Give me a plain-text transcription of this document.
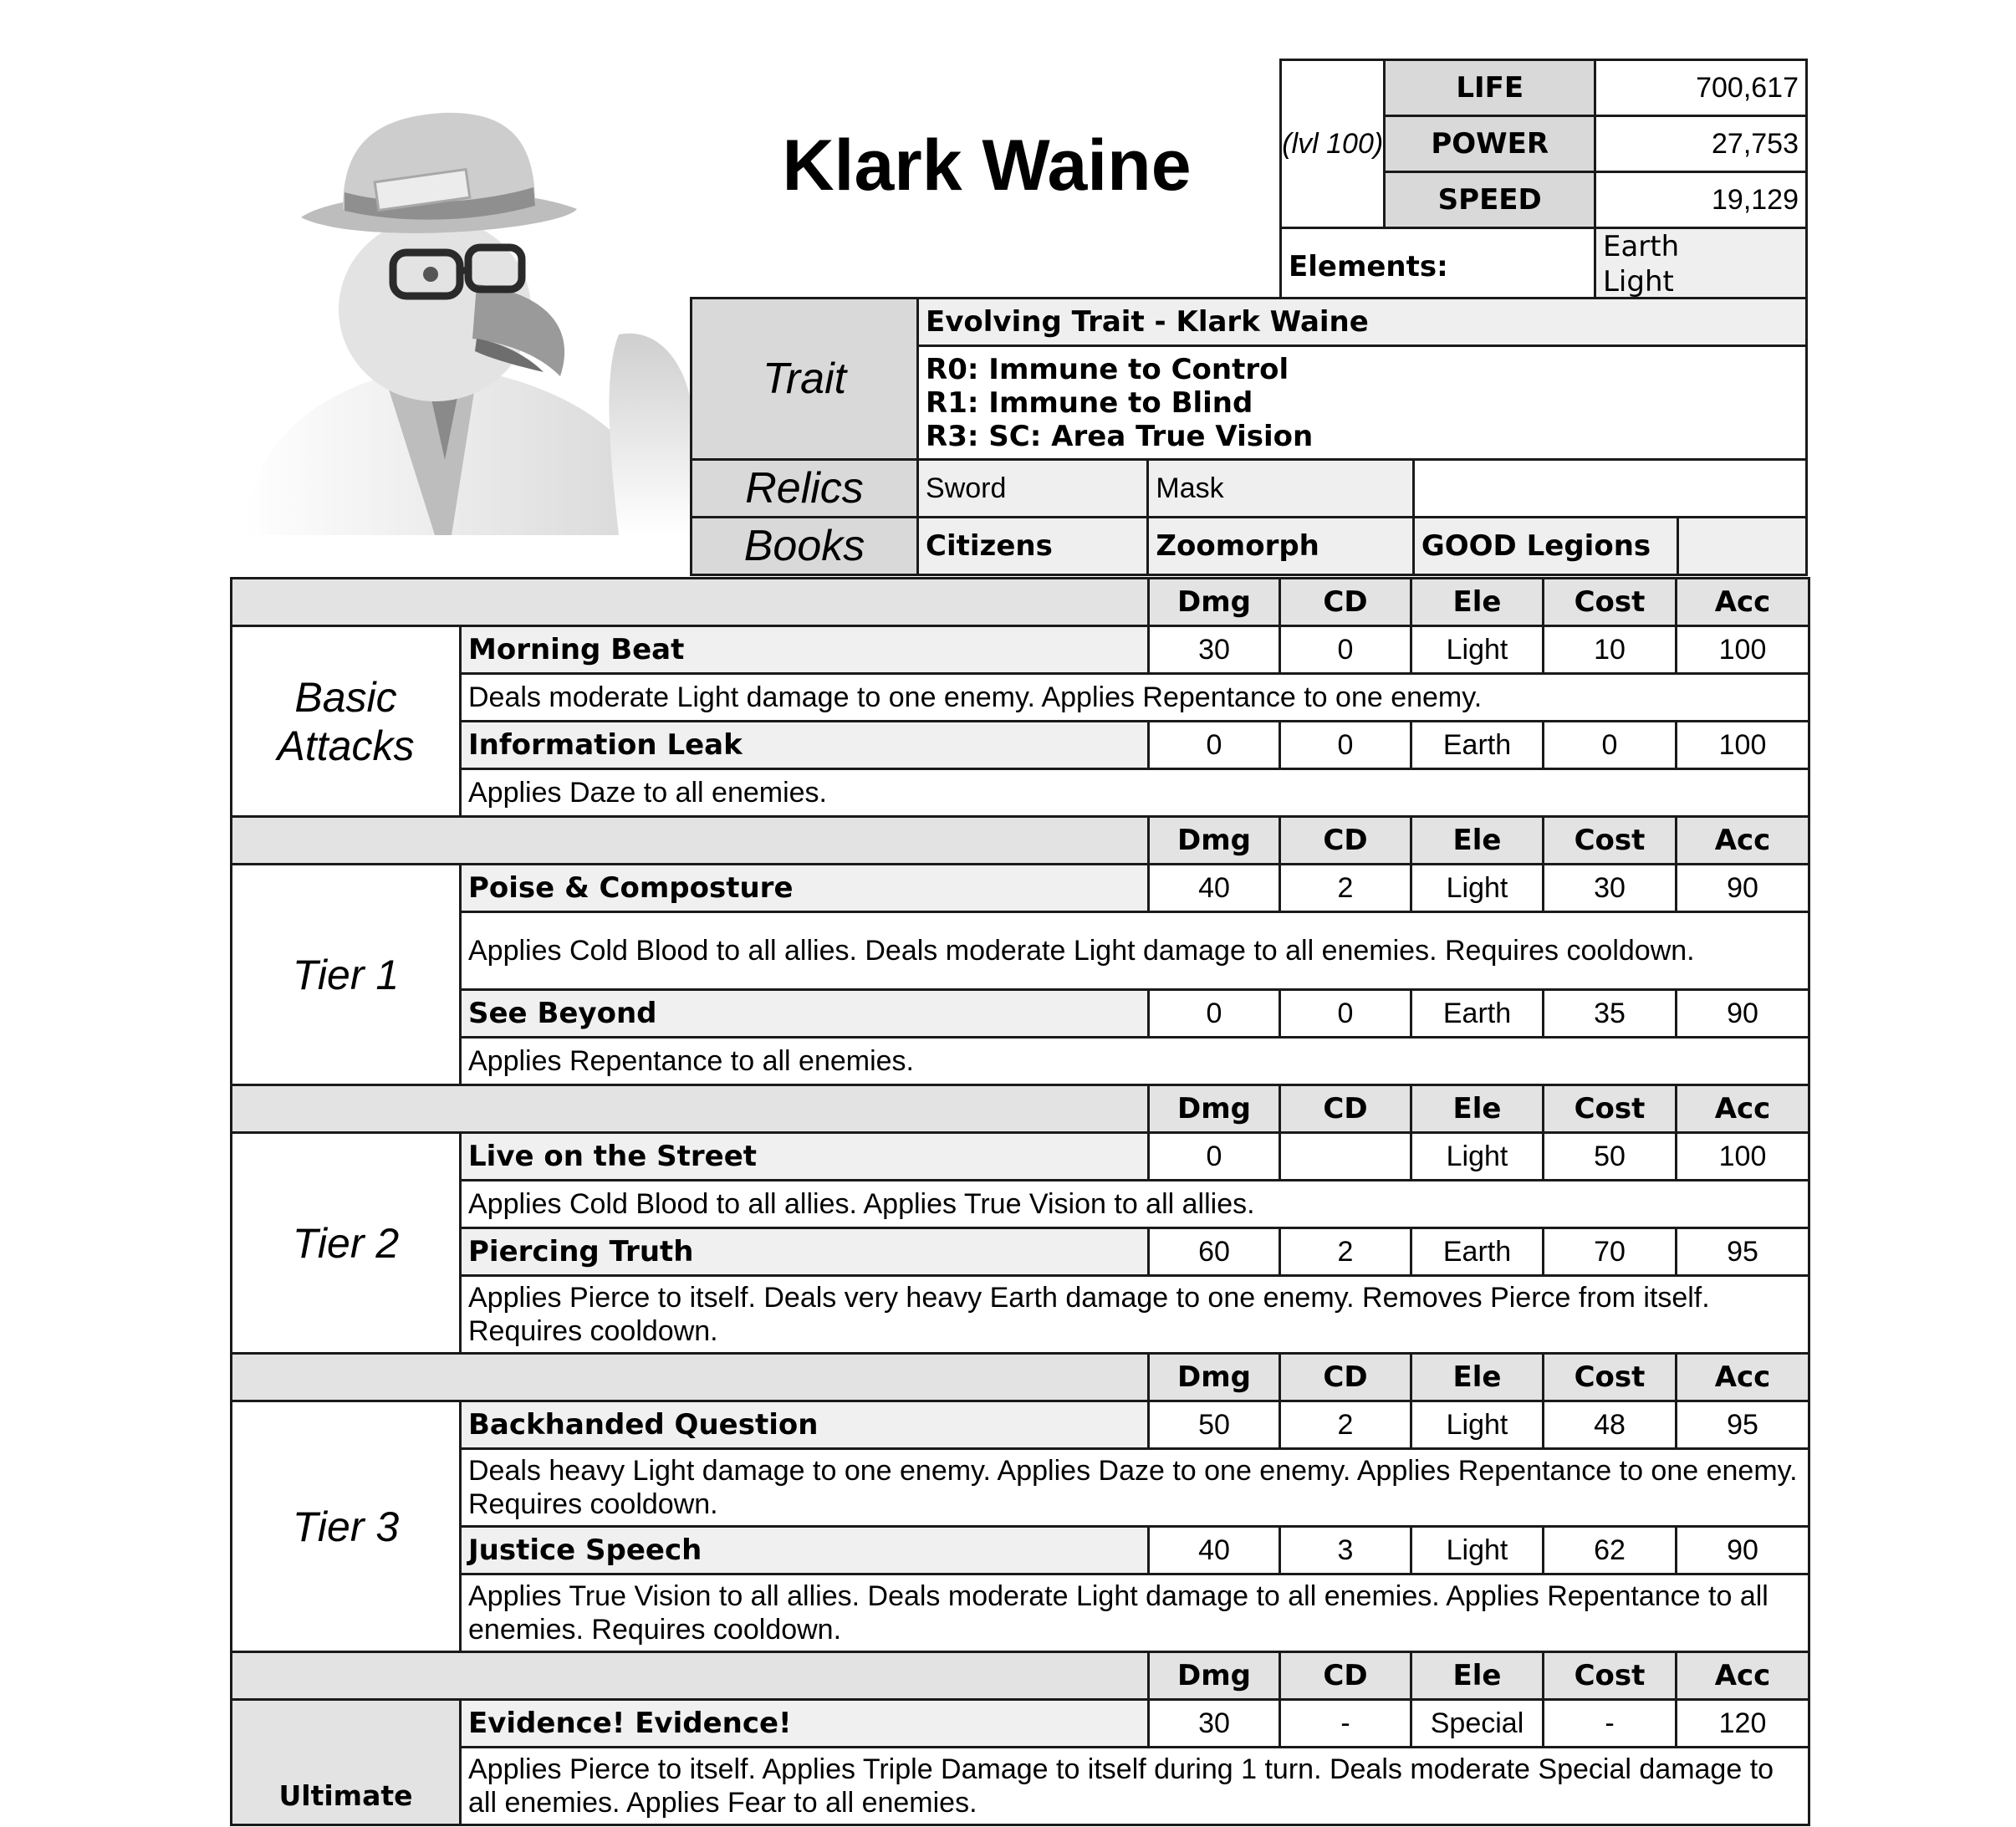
Klark Waine	(lvl 100)	LIFE	700,617
	POWER	27,753
	SPEED	19,129
Elements:		Earth
Light
Trait	Evolving Trait - Klark Waine			

	R0: Immune to Control
R1: Immune to Blind
R3: SC: Area True Vision			

Relics	Sword	Mask		
Books	Citizens	Zoomorph	GOOD Legions	
		Dmg	CD	Ele	Cost	Acc
Basic Attacks	Morning Beat	30	0	Light	10	100
	Deals moderate Light damage to one enemy. Applies Repentance to one enemy.					
	Information Leak	0	0	Earth	0	100
	Applies Daze to all enemies.					
		Dmg	CD	Ele	Cost	Acc
Tier 1	Poise & Composture	40	2	Light	30	90
	Applies Cold Blood to all allies. Deals moderate Light damage to all enemies. Requires cooldown.					
	See Beyond	0	0	Earth	35	90
	Applies Repentance to all enemies.					
		Dmg	CD	Ele	Cost	Acc
Tier 2	Live on the Street	0		Light	50	100
	Applies Cold Blood to all allies. Applies True Vision to all allies.					
	Piercing Truth	60	2	Earth	70	95
	Applies Pierce to itself. Deals very heavy Earth damage to one enemy. Removes Pierce from itself. Requires cooldown.					
		Dmg	CD	Ele	Cost	Acc
Tier 3	Backhanded Question	50	2	Light	48	95
	Deals heavy Light damage to one enemy. Applies Daze to one enemy. Applies Repentance to one enemy. Requires cooldown.					
	Justice Speech	40	3	Light	62	90
	Applies True Vision to all allies. Deals moderate Light damage to all enemies. Applies Repentance to all enemies. Requires cooldown.					
		Dmg	CD	Ele	Cost	Acc
Ultimate	Evidence! Evidence!	30	-	Special	-	120
	Applies Pierce to itself. Applies Triple Damage to itself during 1 turn. Deals moderate Special damage to all enemies. Applies Fear to all enemies.					
